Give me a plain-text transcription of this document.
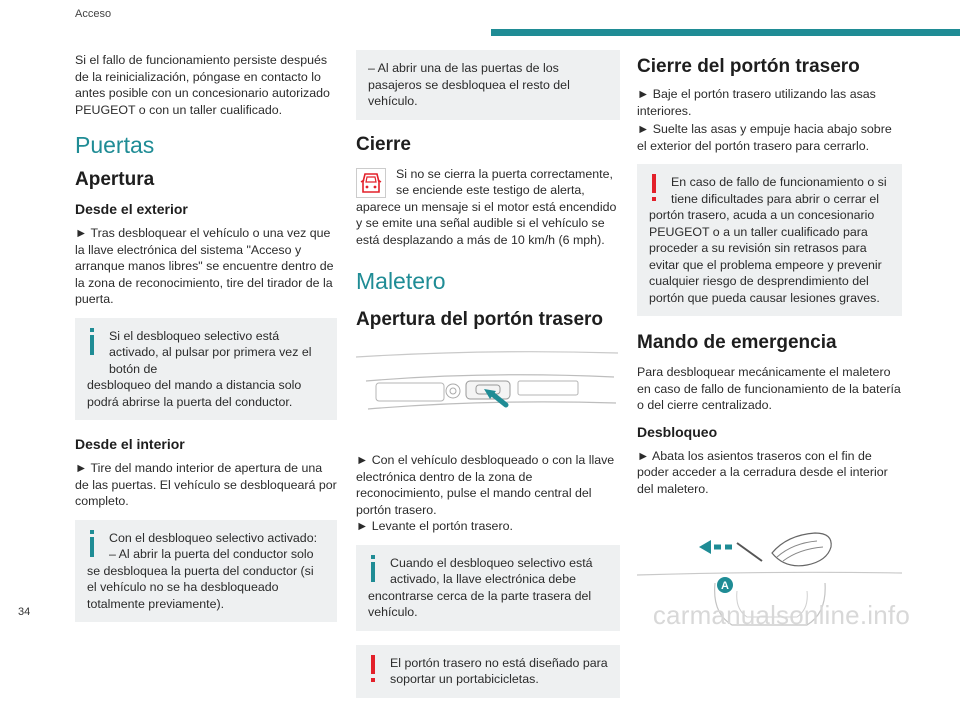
Acceso

Si el fallo de funcionamiento persiste después de la reinicialización, póngase en contacto lo antes posible con un concesionario autorizado PEUGEOT o con un taller cualificado.

Puertas
Apertura
Desde el exterior

► Tras desbloquear el vehículo o una vez que la llave electrónica del sistema "Acceso y arranque manos libres" se encuentre dentro de la zona de reconocimiento, tire del tirador de la puerta.

Si el desbloqueo selectivo está activado, al pulsar por primera vez el botón de
desbloqueo del mando a distancia solo podrá abrirse la puerta del conductor.
Desde el interior

► Tire del mando interior de apertura de una de las puertas. El vehículo se desbloqueará por completo.

Con el desbloqueo selectivo activado: – Al abrir la puerta del conductor solo
se desbloquea la puerta del conductor (si el vehículo no se ha desbloqueado totalmente previamente).
– Al abrir una de las puertas de los pasajeros se desbloquea el resto del vehículo.
Cierre
Si no se cierra la puerta correctamente, se enciende este testigo de alerta,

aparece un mensaje si el motor está encendido y se emite una señal audible si el vehículo se está desplazando a más de 10 km/h (6 mph).

Maletero
Apertura del portón trasero

► Con el vehículo desbloqueado o con la llave electrónica dentro de la zona de reconocimiento, pulse el mando central del portón trasero.

► Levante el portón trasero.

Cuando el desbloqueo selectivo está activado, la llave electrónica debe
encontrarse cerca de la parte trasera del vehículo.
El portón trasero no está diseñado para soportar un portabicicletas.
Cierre del portón trasero

► Baje el portón trasero utilizando las asas interiores.

► Suelte las asas y empuje hacia abajo sobre el exterior del portón trasero para cerrarlo.

En caso de fallo de funcionamiento o si tiene dificultades para abrir o cerrar el
portón trasero, acuda a un concesionario PEUGEOT o a un taller cualificado para proceder a su revisión sin retrasos para evitar que el problema empeore y prevenir cualquier riesgo de desprendimiento del portón que pueda causar lesiones graves.
Mando de emergencia

Para desbloquear mecánicamente el maletero en caso de fallo de funcionamiento de la batería o del cierre centralizado.

Desbloqueo

► Abata los asientos traseros con el fin de poder acceder a la cerradura desde el interior del maletero.

A
34	carmanualsonline.info
